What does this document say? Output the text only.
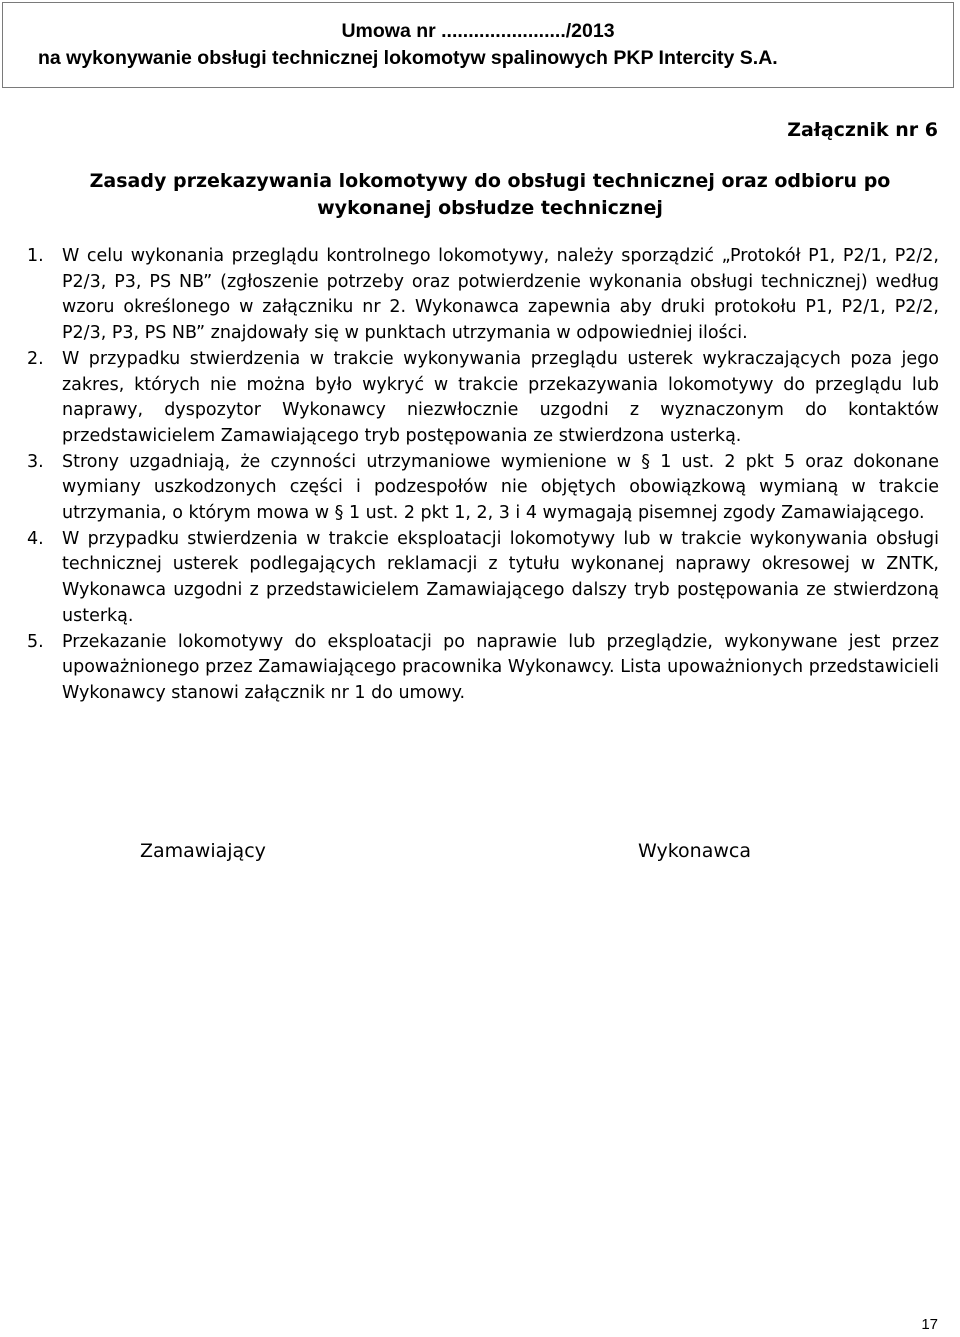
Umowa nr ......................./2013
na wykonywanie obsługi technicznej lokomotyw spalinowych PKP Intercity S.A.
Załącznik nr 6
Zasady przekazywania lokomotywy do obsługi technicznej oraz odbioru po wykonanej obsłudze technicznej
1. W celu wykonania przeglądu kontrolnego lokomotywy, należy sporządzić „Protokół P1, P2/1, P2/2, P2/3, P3, PS NB” (zgłoszenie potrzeby oraz potwierdzenie wykonania obsługi technicznej) według wzoru określonego w załączniku nr 2. Wykonawca zapewnia aby druki protokołu P1, P2/1, P2/2, P2/3, P3, PS NB” znajdowały się w punktach utrzymania w odpowiedniej ilości.
2. W przypadku stwierdzenia w trakcie wykonywania przeglądu usterek wykraczających poza jego zakres, których nie można było wykryć w trakcie przekazywania lokomotywy do przeglądu lub naprawy, dyspozytor Wykonawcy niezwłocznie uzgodni z wyznaczonym do kontaktów przedstawicielem Zamawiającego tryb postępowania ze stwierdzona usterką.
3. Strony uzgadniają, że czynności utrzymaniowe wymienione w § 1 ust. 2 pkt 5 oraz dokonane wymiany uszkodzonych części i podzespołów nie objętych obowiązkową wymianą w trakcie utrzymania, o którym mowa w § 1 ust. 2 pkt 1, 2, 3 i 4 wymagają pisemnej zgody Zamawiającego.
4. W przypadku stwierdzenia w trakcie eksploatacji lokomotywy lub w trakcie wykonywania obsługi technicznej usterek podlegających reklamacji z tytułu wykonanej naprawy okresowej w ZNTK, Wykonawca uzgodni z przedstawicielem Zamawiającego dalszy tryb postępowania ze stwierdzoną usterką.
5. Przekazanie lokomotywy do eksploatacji po naprawie lub przeglądzie, wykonywane jest przez upoważnionego przez Zamawiającego pracownika Wykonawcy. Lista upoważnionych przedstawicieli Wykonawcy stanowi załącznik nr 1 do umowy.
Zamawiający	Wykonawca
17
